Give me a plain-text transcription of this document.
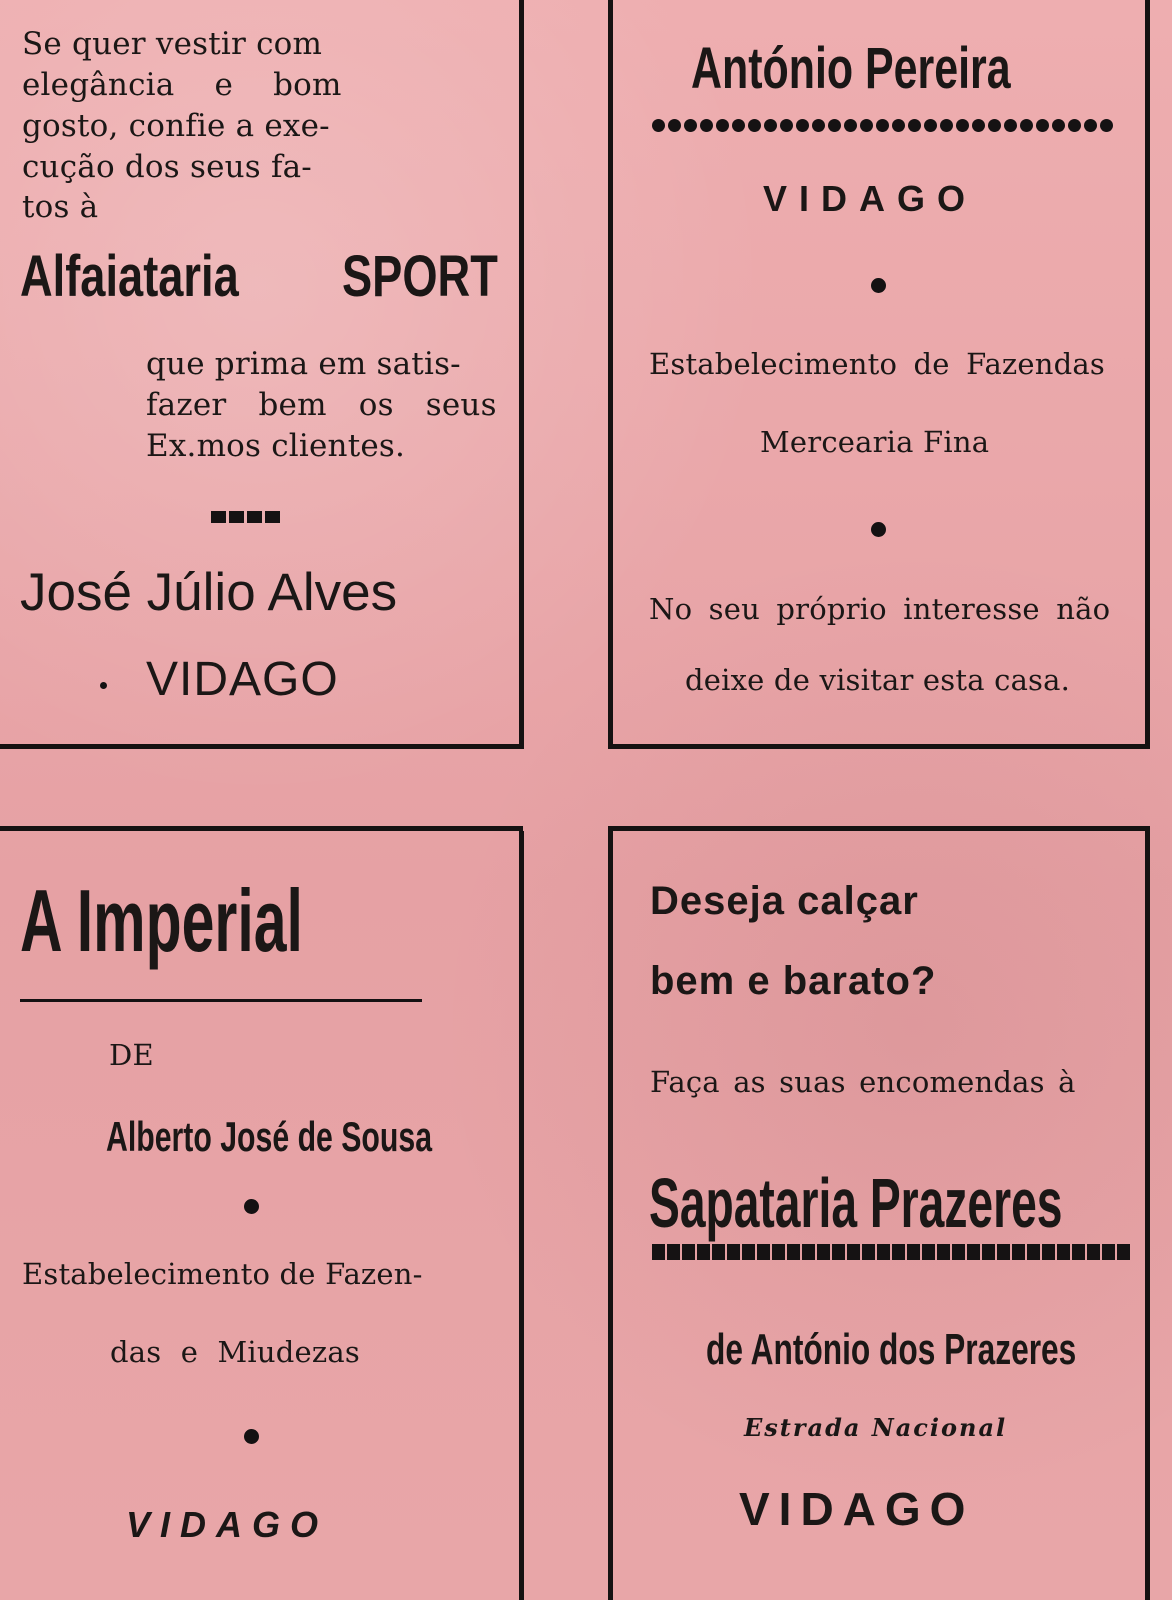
Se quer vestir com

elegância e bom

gosto, confie a exe-

cução dos seus fa-

tos à

Alfaiataria SPORT

que prima em satis-

fazer bem os seus

Ex.mos clientes.

José Júlio Alves

VIDAGO

António Pereira

VIDAGO

Estabelecimento de Fazendas

Mercearia Fina

No seu próprio interesse não

deixe de visitar esta casa.

A Imperial

DE

Alberto José de Sousa

Estabelecimento de Fazen-

das e Miudezas

VIDAGO

Deseja calçar

bem e barato?

Faça as suas encomendas à

Sapataria Prazeres

de António dos Prazeres

Estrada Nacional

VIDAGO
